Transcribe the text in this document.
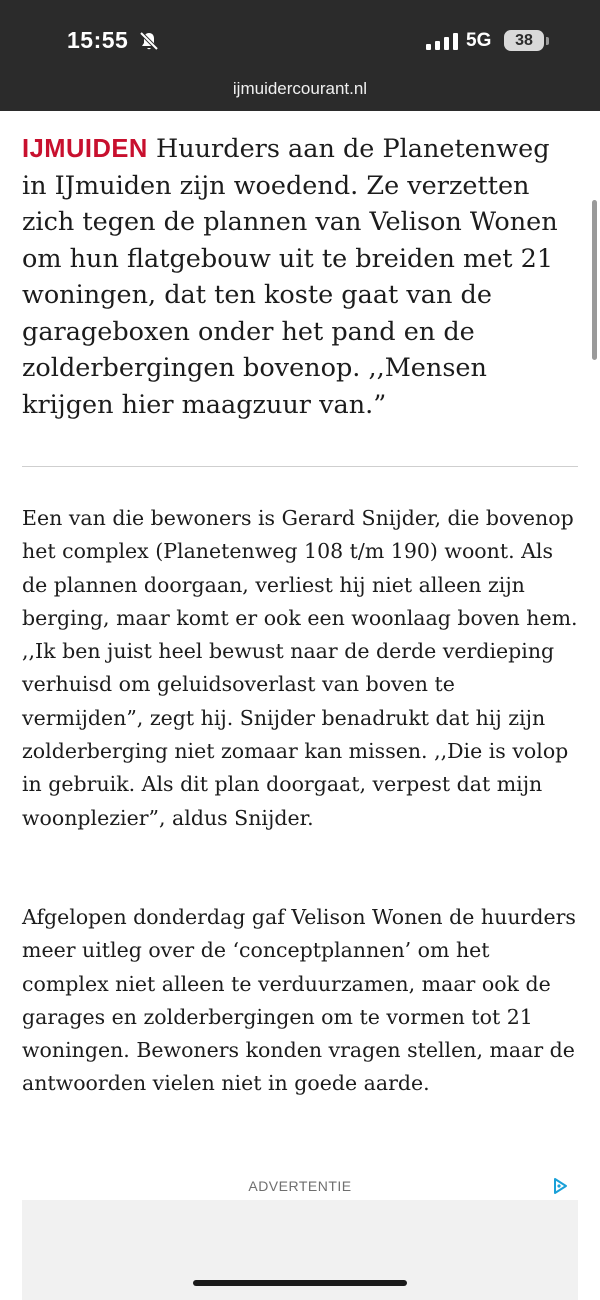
15:55	5G	38
ijmuidercourant.nl

IJMUIDEN Huurders aan de Planetenweg in IJmuiden zijn woedend. Ze verzetten zich tegen de plannen van Velison Wonen om hun flatgebouw uit te breiden met 21 woningen, dat ten koste gaat van de garageboxen onder het pand en de zolderbergingen bovenop. ,,Mensen krijgen hier maagzuur van.”

Een van die bewoners is Gerard Snijder, die bovenop het complex (Planetenweg 108 t/m 190) woont. Als de plannen doorgaan, verliest hij niet alleen zijn berging, maar komt er ook een woonlaag boven hem. ,,Ik ben juist heel bewust naar de derde verdieping verhuisd om geluidsoverlast van boven te vermijden”, zegt hij. Snijder benadrukt dat hij zijn zolderberging niet zomaar kan missen. ,,Die is volop in gebruik. Als dit plan doorgaat, verpest dat mijn woonplezier”, aldus Snijder.

Afgelopen donderdag gaf Velison Wonen de huurders meer uitleg over de ‘conceptplannen’ om het complex niet alleen te verduurzamen, maar ook de garages en zolderbergingen om te vormen tot 21 woningen. Bewoners konden vragen stellen, maar de antwoorden vielen niet in goede aarde.

ADVERTENTIE
